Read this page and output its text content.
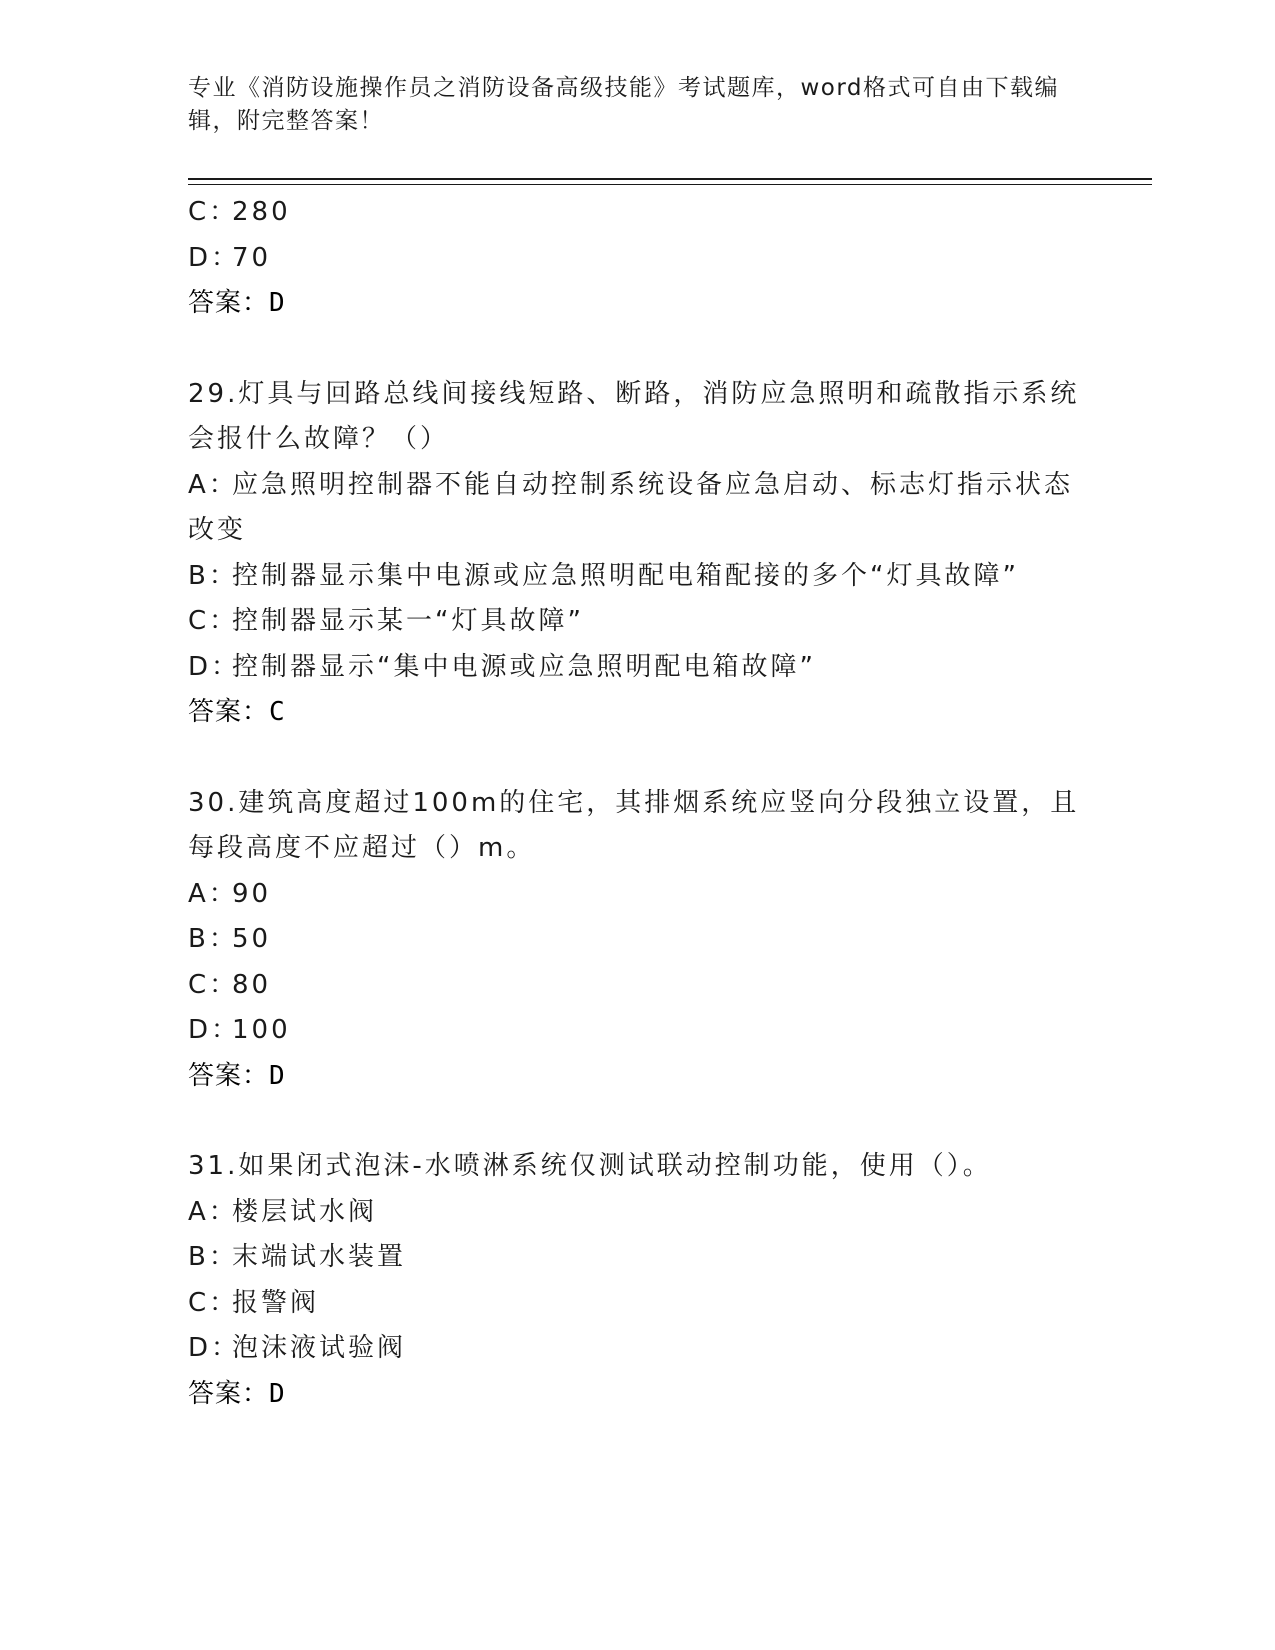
专业《消防设施操作员之消防设备高级技能》考试题库，word格式可自由下载编
辑，附完整答案！
C：280
D：70
答案：D
29.灯具与回路总线间接线短路、断路，消防应急照明和疏散指示系统
会报什么故障？（）
A：应急照明控制器不能自动控制系统设备应急启动、标志灯指示状态
改变
B：控制器显示集中电源或应急照明配电箱配接的多个“灯具故障”
C：控制器显示某一“灯具故障”
D：控制器显示“集中电源或应急照明配电箱故障”
答案：C
30.建筑高度超过100m的住宅，其排烟系统应竖向分段独立设置，且
每段高度不应超过（）m。
A：90
B：50
C：80
D：100
答案：D
31.如果闭式泡沫-水喷淋系统仅测试联动控制功能，使用（）。
A：楼层试水阀
B：末端试水装置
C：报警阀
D：泡沫液试验阀
答案：D
